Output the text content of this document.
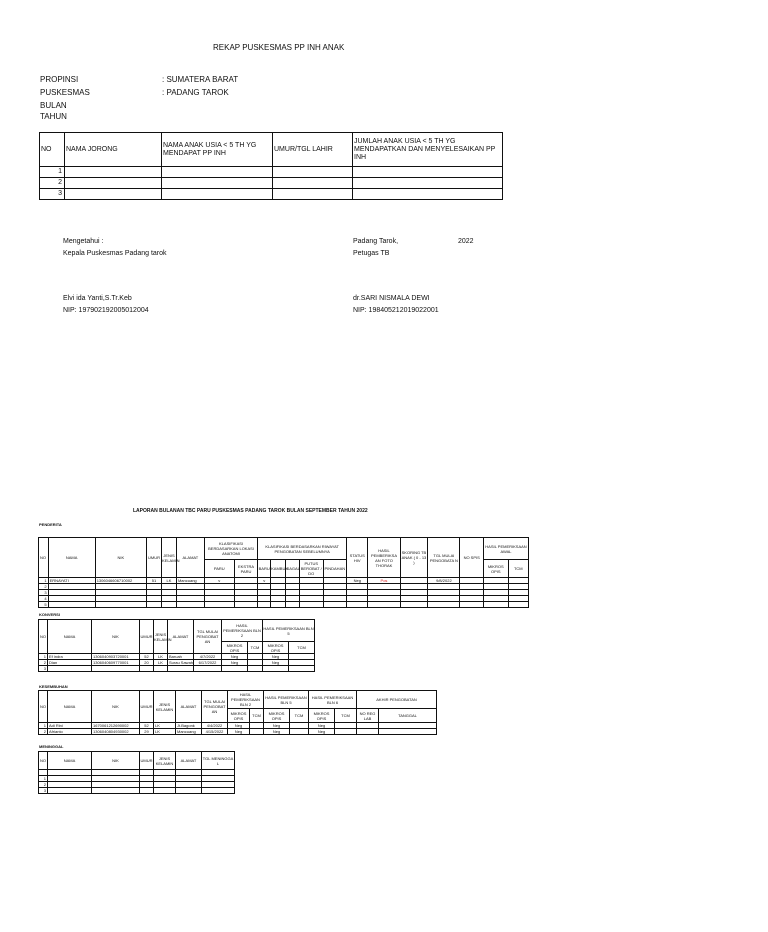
REKAP PUSKESMAS PP INH ANAK
PROPINSI	: SUMATERA BARAT
PUSKESMAS	: PADANG TAROK
BULAN
TAHUN
NO	NAMA JORONG	NAMA ANAK USIA < 5 TH YG MENDAPAT PP INH	UMUR/TGL LAHIR	JUMLAH ANAK USIA < 5 TH YG MENDAPATKAN DAN MENYELESAIKAN PP INH
1				
2				
3				
Mengetahui :
Kepala Puskesmas Padang tarok
Elvi ida Yanti,S.Tr.Keb
NIP: 197902192005012004
Padang Tarok,	2022
Petugas TB
dr.SARI NISMALA DEWI
NIP: 198405212019022001
LAPORAN BULANAN TBC PARU PUSKESMAS PADANG TAROK BULAN SEPTEMBER TAHUN 2022
PENDERITA
NO	NAMA	NIK	UMUR	JENIS KELAMIN	ALAMAT	KLASIFIKASI BERDASARKAN LOKASI ANATOMI		KLASIFIKASI BERDASARKAN RIWAYAT PENGOBATAN SEBELUMNYA					STATUS HIV	HASIL PEMBERIKSA AN FOTO THORAK	SKORING TB ANAK ( 0 - 13 )	TGL MULAI PENGOBATA N	NO SPIS	HASIL PEMERIKSAAN AWAL	
						PARU	EKSTRA PARU	BARU	KAMBUH	GAGAL	PUTUS BEROBAT / DO	PINDAHAN						MIKROS OPIS	TCM
1	ERNAYATI	1306046606710002	51	LK	Mancuang	v		v					Neg	Pos		9/8/2022			
2																			
3																			
4																			
5																			
KONVERSI
NO	NAMA	NIK	UMUR	JENIS KELAMIN	ALAMAT	TGL MULAI PENGOBAT AN	HASIL PEMERIKSAAN BLN 2		HASIL PEMERIKSAAN BLN 5	
							MIKROS OPIS	TCM	MIKROS OPIS	TCM
1	Ef indra	1306040903720001	52	LK	Baruah	4/7/2022	Neg		Neg	
2	Dian	1306040609770001	20	LK	Surau Sawah	6/17/2022	Neg		Neg	
3										
KESEMBUHAN
NO	NAMA	NIK	UMUR	JENIS KELAMIN	ALAMAT	TGL MULAI PENGOBAT AN	HASIL PEMERIKSAAN BLN 2		HASIL PEMERIKSAAN BLN 5		HASIL PEMERIKSAAN BLN 6		AKHIR PENGOBATAN	
							MIKROS OPIS	TCM	MIKROS OPIS	TCM	MIKROS OPIS	TCM	NO REG LAB	TANGGAL
1	Adi Rini	1670061212690002	52	LK	Jt.Bagonk	4/4/2022	Neg		Neg		Neg			
2	Afrianto	1306040804930002	29	LK	Mancuang	4/15/2022	Neg		Neg		Neg			
MENINGGAL
NO	NAMA	NIK	UMUR	JENIS KELAMIN	ALAMAT	TGL MENINGGA L

1						
2						
3						
